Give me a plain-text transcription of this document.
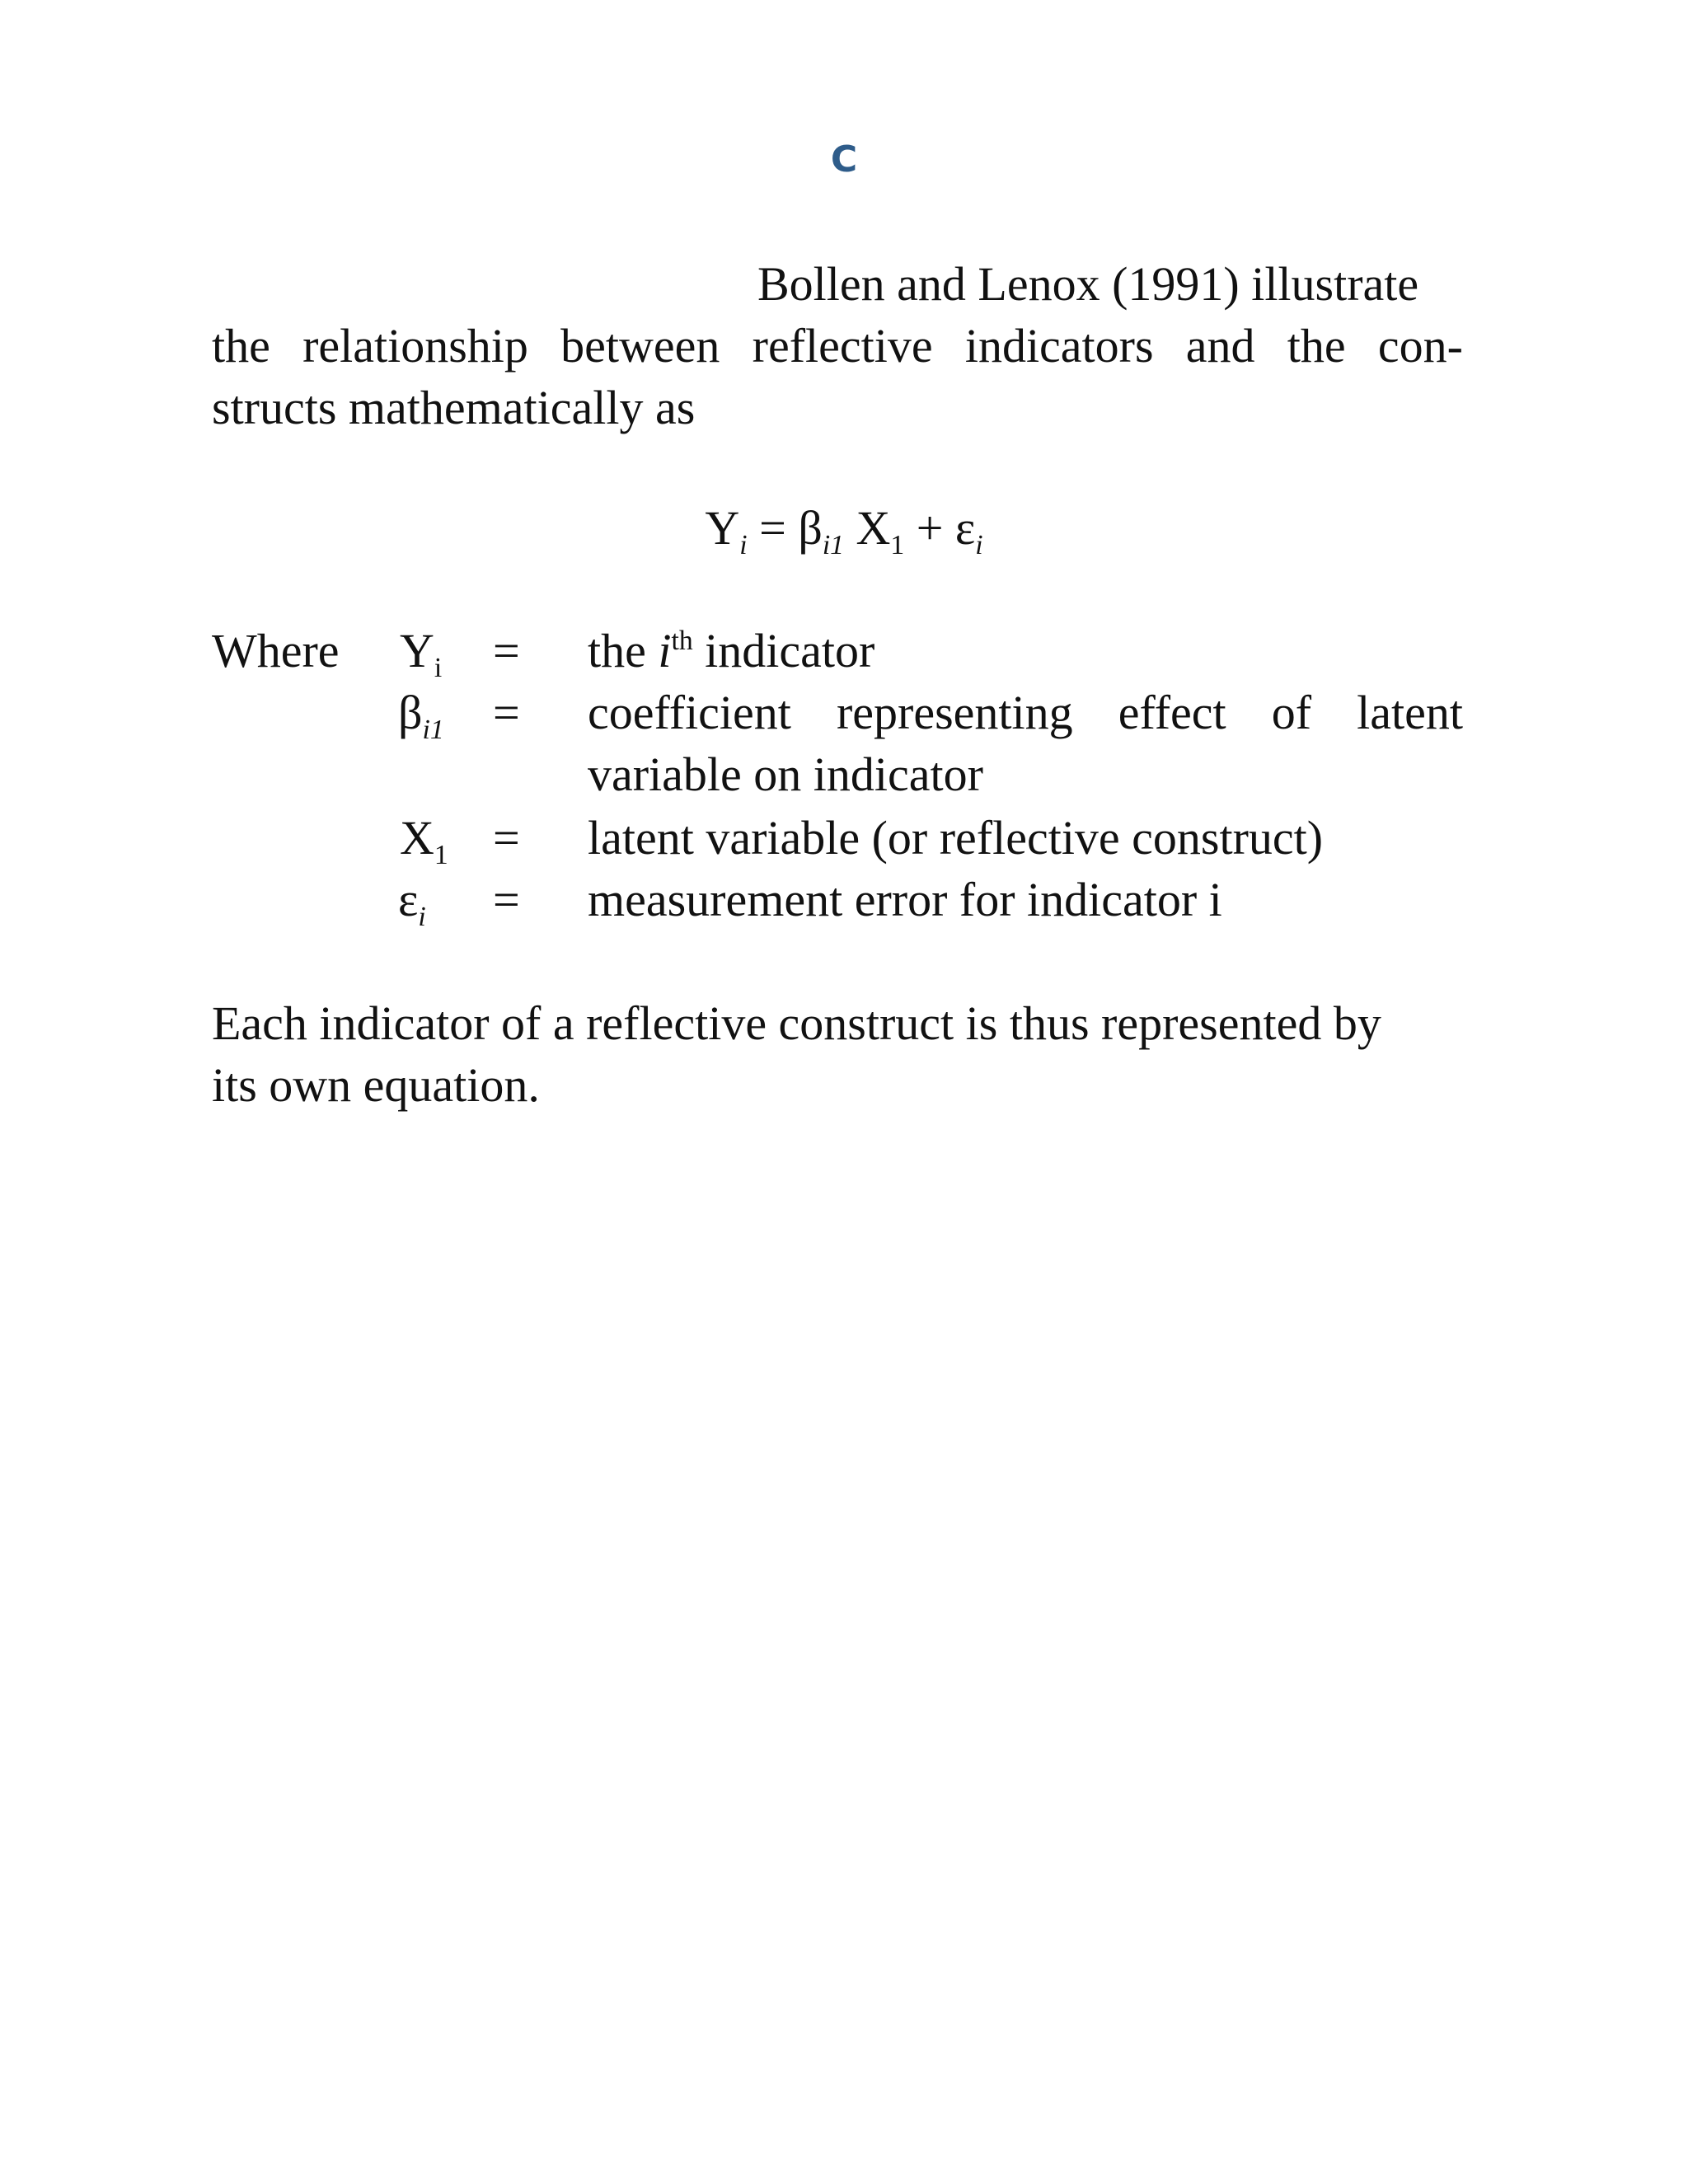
C
Bollen and Lenox (1991) illustrate
the relationship between reflective indicators and the con-
structs mathematically as
$Y_i = \beta_{i1}$ $X_1 + \varepsilon_i$
Where $Y_i$ = the $i^{th}$ indicator
$\beta_{i1}$ = coefficient representing effect of latent
variable on indicator
$X_1$ = latent variable (or reflective construct)
$\varepsilon_i$ = measurement error for indicator i
Each indicator of a reflective construct is thus represented by
its own equation.
